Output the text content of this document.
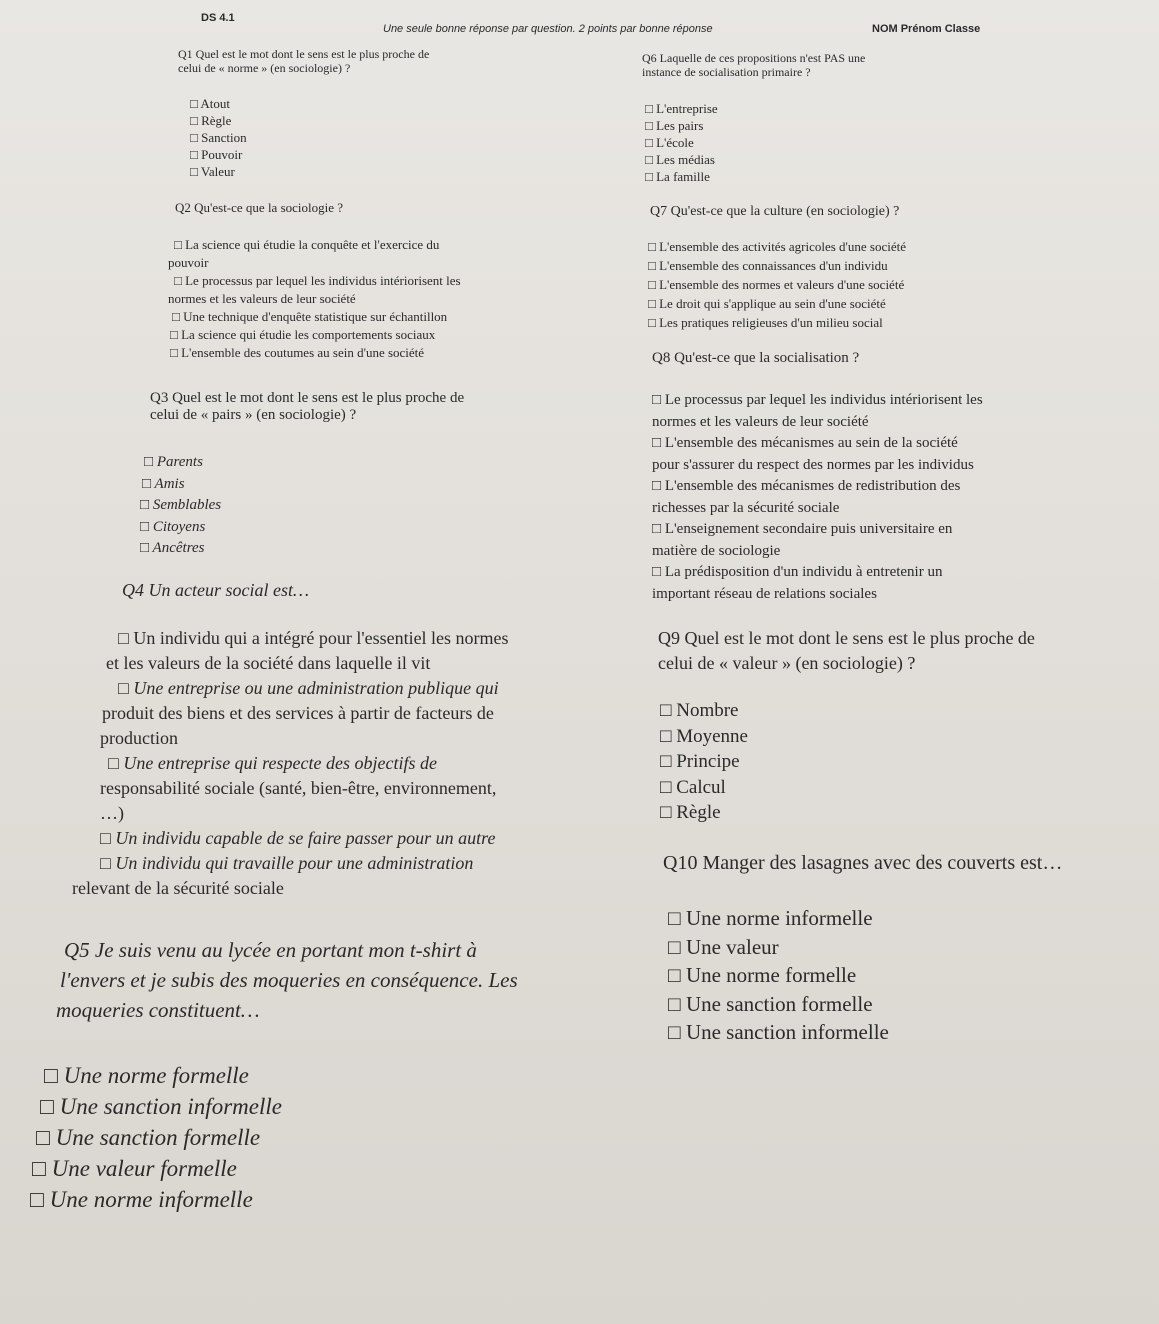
DS 4.1
Une seule bonne réponse par question. 2 points par bonne réponse	NOM Prénom Classe
Q1 Quel est le mot dont le sens est le plus proche de
celui de « norme » (en sociologie) ?
□ Atout
□ Règle
□ Sanction
□ Pouvoir
□ Valeur
Q6 Laquelle de ces propositions n'est PAS une
instance de socialisation primaire ?
□ L'entreprise
□ Les pairs
□ L'école
□ Les médias
□ La famille
Q2 Qu'est-ce que la sociologie ?
□ La science qui étudie la conquête et l'exercice du
pouvoir
□ Le processus par lequel les individus intériorisent les
normes et les valeurs de leur société
□ Une technique d'enquête statistique sur échantillon
□ La science qui étudie les comportements sociaux
□ L'ensemble des coutumes au sein d'une société
Q7 Qu'est-ce que la culture (en sociologie) ?
□ L'ensemble des activités agricoles d'une société
□ L'ensemble des connaissances d'un individu
□ L'ensemble des normes et valeurs d'une société
□ Le droit qui s'applique au sein d'une société
□ Les pratiques religieuses d'un milieu social
Q8 Qu'est-ce que la socialisation ?
□ Le processus par lequel les individus intériorisent les
normes et les valeurs de leur société
□ L'ensemble des mécanismes au sein de la société
pour s'assurer du respect des normes par les individus
□ L'ensemble des mécanismes de redistribution des
richesses par la sécurité sociale
□ L'enseignement secondaire puis universitaire en
matière de sociologie
□ La prédisposition d'un individu à entretenir un
important réseau de relations sociales
Q3 Quel est le mot dont le sens est le plus proche de
celui de « pairs » (en sociologie) ?
□ Parents
□ Amis
□ Semblables
□ Citoyens
□ Ancêtres
Q4 Un acteur social est…
□ Un individu qui a intégré pour l'essentiel les normes
et les valeurs de la société dans laquelle il vit
□ Une entreprise ou une administration publique qui
produit des biens et des services à partir de facteurs de
production
□ Une entreprise qui respecte des objectifs de
responsabilité sociale (santé, bien-être, environnement,
…)
□ Un individu capable de se faire passer pour un autre
□ Un individu qui travaille pour une administration
relevant de la sécurité sociale
Q9 Quel est le mot dont le sens est le plus proche de
celui de « valeur » (en sociologie) ?
□ Nombre
□ Moyenne
□ Principe
□ Calcul
□ Règle
Q10 Manger des lasagnes avec des couverts est…
□ Une norme informelle
□ Une valeur
□ Une norme formelle
□ Une sanction formelle
□ Une sanction informelle
Q5 Je suis venu au lycée en portant mon t-shirt à
l'envers et je subis des moqueries en conséquence. Les
moqueries constituent…
□ Une norme formelle
□ Une sanction informelle
□ Une sanction formelle
□ Une valeur formelle
□ Une norme informelle
